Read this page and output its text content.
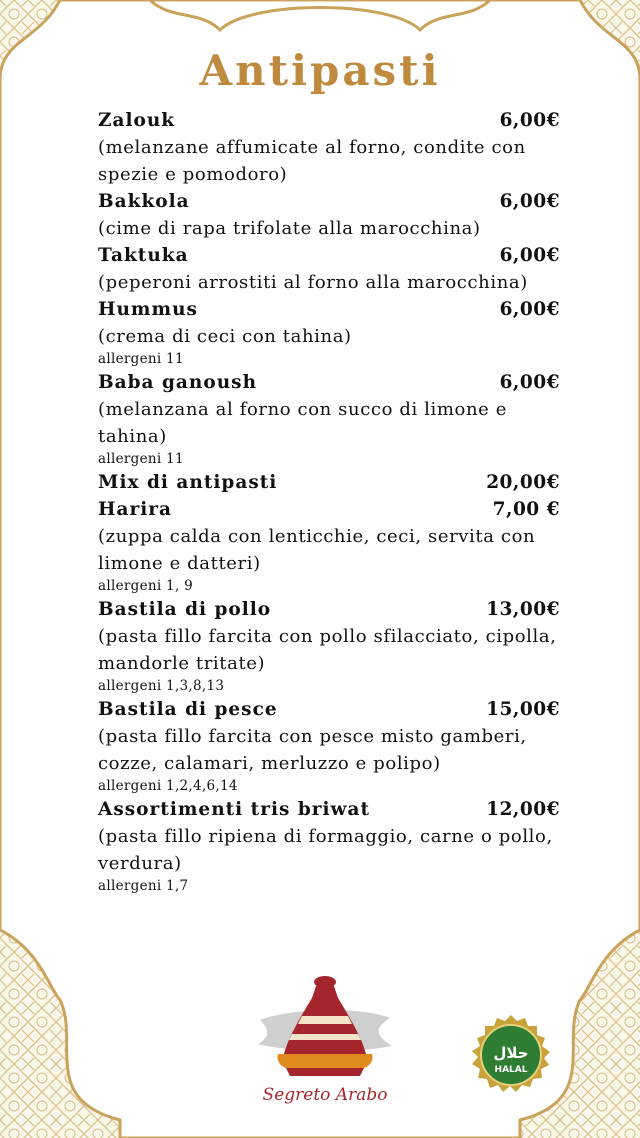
Antipasti
Zalouk	6,00€
(melanzane affumicate al forno, condite con spezie e pomodoro)
Bakkola	6,00€
(cime di rapa trifolate alla marocchina)
Taktuka	6,00€
(peperoni arrostiti al forno alla marocchina)
Hummus	6,00€
(crema di ceci con tahina)
allergeni 11
Baba ganoush	6,00€
(melanzana al forno con succo di limone e tahina)
allergeni 11
Mix di antipasti	20,00€
Harira	7,00 €
(zuppa calda con lenticchie, ceci, servita con limone e datteri)
allergeni 1, 9
Bastila di pollo	13,00€
(pasta fillo farcita con pollo sfilacciato, cipolla, mandorle tritate)
allergeni 1,3,8,13
Bastila di pesce	15,00€
(pasta fillo farcita con pesce misto gamberi, cozze, calamari, merluzzo e polipo)
allergeni 1,2,4,6,14
Assortimenti tris briwat	12,00€
(pasta fillo ripiena di formaggio, carne o pollo, verdura)
allergeni 1,7
Segreto Arabo
حلال
HALAL
